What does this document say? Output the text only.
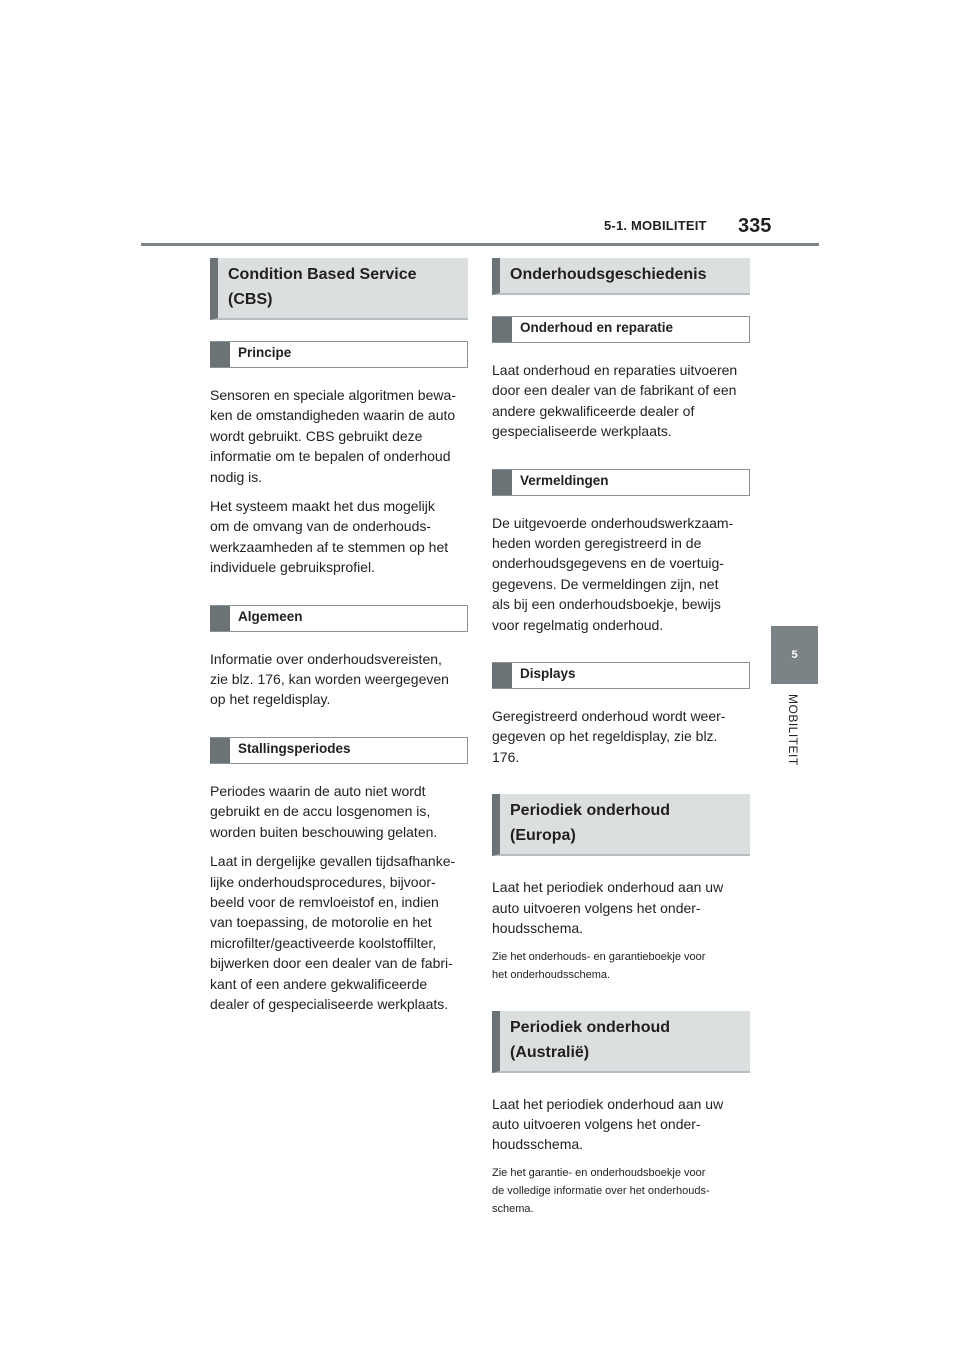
5-1. MOBILITEIT 335
5
MOBILITEIT
Condition Based Service (CBS)
Principe

Sensoren en speciale algoritmen bewa-
ken de omstandigheden waarin de auto
wordt gebruikt. CBS gebruikt deze
informatie om te bepalen of onderhoud
nodig is.

Het systeem maakt het dus mogelijk
om de omvang van de onderhouds-
werkzaamheden af te stemmen op het
individuele gebruiksprofiel.

Algemeen

Informatie over onderhoudsvereisten,
zie blz. 176, kan worden weergegeven
op het regeldisplay.

Stallingsperiodes

Periodes waarin de auto niet wordt
gebruikt en de accu losgenomen is,
worden buiten beschouwing gelaten.

Laat in dergelijke gevallen tijdsafhanke-
lijke onderhoudsprocedures, bijvoor-
beeld voor de remvloeistof en, indien
van toepassing, de motorolie en het
microfilter/geactiveerde koolstoffilter,
bijwerken door een dealer van de fabri-
kant of een andere gekwalificeerde
dealer of gespecialiseerde werkplaats.

Onderhoudsgeschiedenis
Onderhoud en reparatie

Laat onderhoud en reparaties uitvoeren
door een dealer van de fabrikant of een
andere gekwalificeerde dealer of
gespecialiseerde werkplaats.

Vermeldingen

De uitgevoerde onderhoudswerkzaam-
heden worden geregistreerd in de
onderhoudsgegevens en de voertuig-
gegevens. De vermeldingen zijn, net
als bij een onderhoudsboekje, bewijs
voor regelmatig onderhoud.

Displays

Geregistreerd onderhoud wordt weer-
gegeven op het regeldisplay, zie blz.
176.

Periodiek onderhoud (Europa)

Laat het periodiek onderhoud aan uw
auto uitvoeren volgens het onder-
houdsschema.

Zie het onderhouds- en garantieboekje voor
het onderhoudsschema.

Periodiek onderhoud
(Australië)

Laat het periodiek onderhoud aan uw
auto uitvoeren volgens het onder-
houdsschema.

Zie het garantie- en onderhoudsboekje voor
de volledige informatie over het onderhouds-
schema.
